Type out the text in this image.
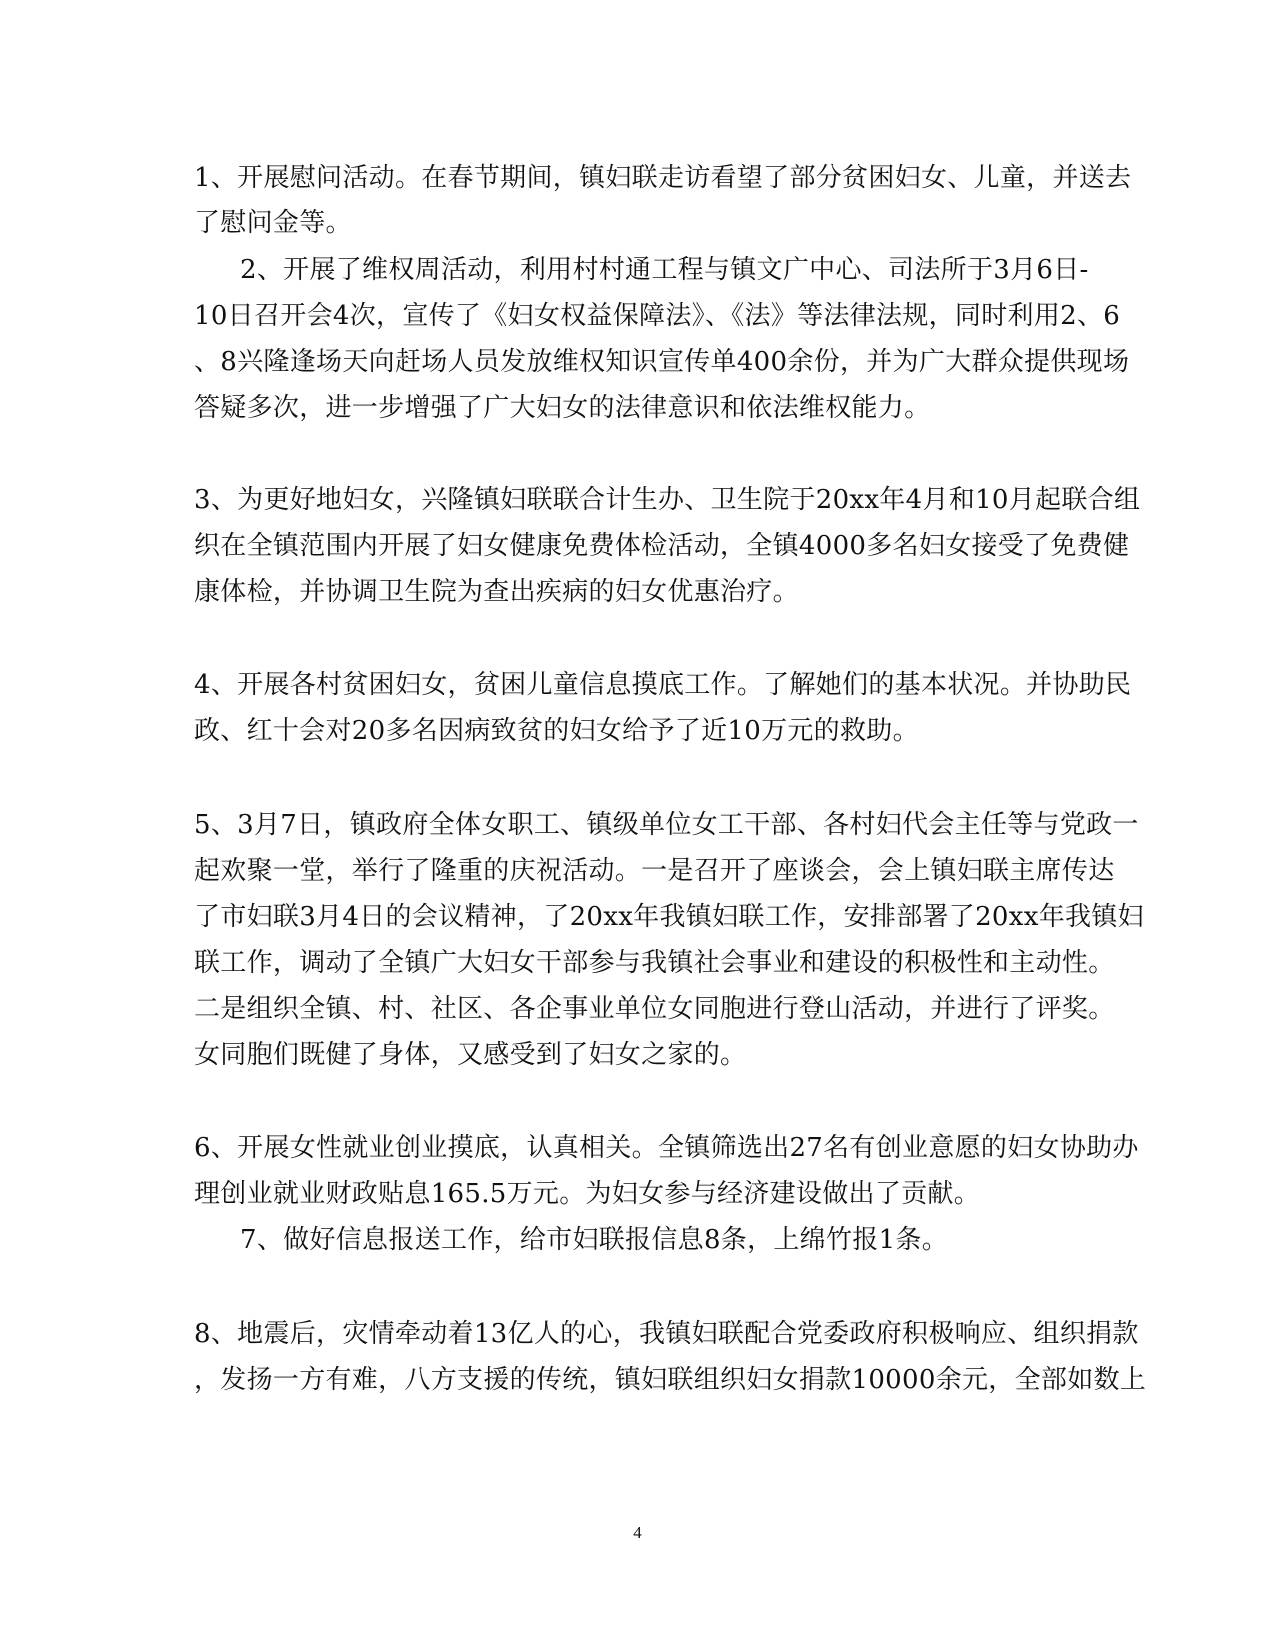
1、开展慰问活动。在春节期间，镇妇联走访看望了部分贫困妇女、儿童，并送去
了慰问金等。
2、开展了维权周活动，利用村村通工程与镇文广中心、司法所于3月6日-
10日召开会4次，宣传了《妇女权益保障法》、《法》等法律法规，同时利用2、6
、8兴隆逢场天向赶场人员发放维权知识宣传单400余份，并为广大群众提供现场
答疑多次，进一步增强了广大妇女的法律意识和依法维权能力。
3、为更好地妇女，兴隆镇妇联联合计生办、卫生院于20xx年4月和10月起联合组
织在全镇范围内开展了妇女健康免费体检活动，全镇4000多名妇女接受了免费健
康体检，并协调卫生院为查出疾病的妇女优惠治疗。
4、开展各村贫困妇女，贫困儿童信息摸底工作。了解她们的基本状况。并协助民
政、红十会对20多名因病致贫的妇女给予了近10万元的救助。
5、3月7日，镇政府全体女职工、镇级单位女工干部、各村妇代会主任等与党政一
起欢聚一堂，举行了隆重的庆祝活动。一是召开了座谈会，会上镇妇联主席传达
了市妇联3月4日的会议精神，了20xx年我镇妇联工作，安排部署了20xx年我镇妇
联工作，调动了全镇广大妇女干部参与我镇社会事业和建设的积极性和主动性。
二是组织全镇、村、社区、各企事业单位女同胞进行登山活动，并进行了评奖。
女同胞们既健了身体，又感受到了妇女之家的。
6、开展女性就业创业摸底，认真相关。全镇筛选出27名有创业意愿的妇女协助办
理创业就业财政贴息165.5万元。为妇女参与经济建设做出了贡献。
7、做好信息报送工作，给市妇联报信息8条，上绵竹报1条。
8、地震后，灾情牵动着13亿人的心，我镇妇联配合党委政府积极响应、组织捐款
，发扬一方有难，八方支援的传统，镇妇联组织妇女捐款10000余元，全部如数上
4
